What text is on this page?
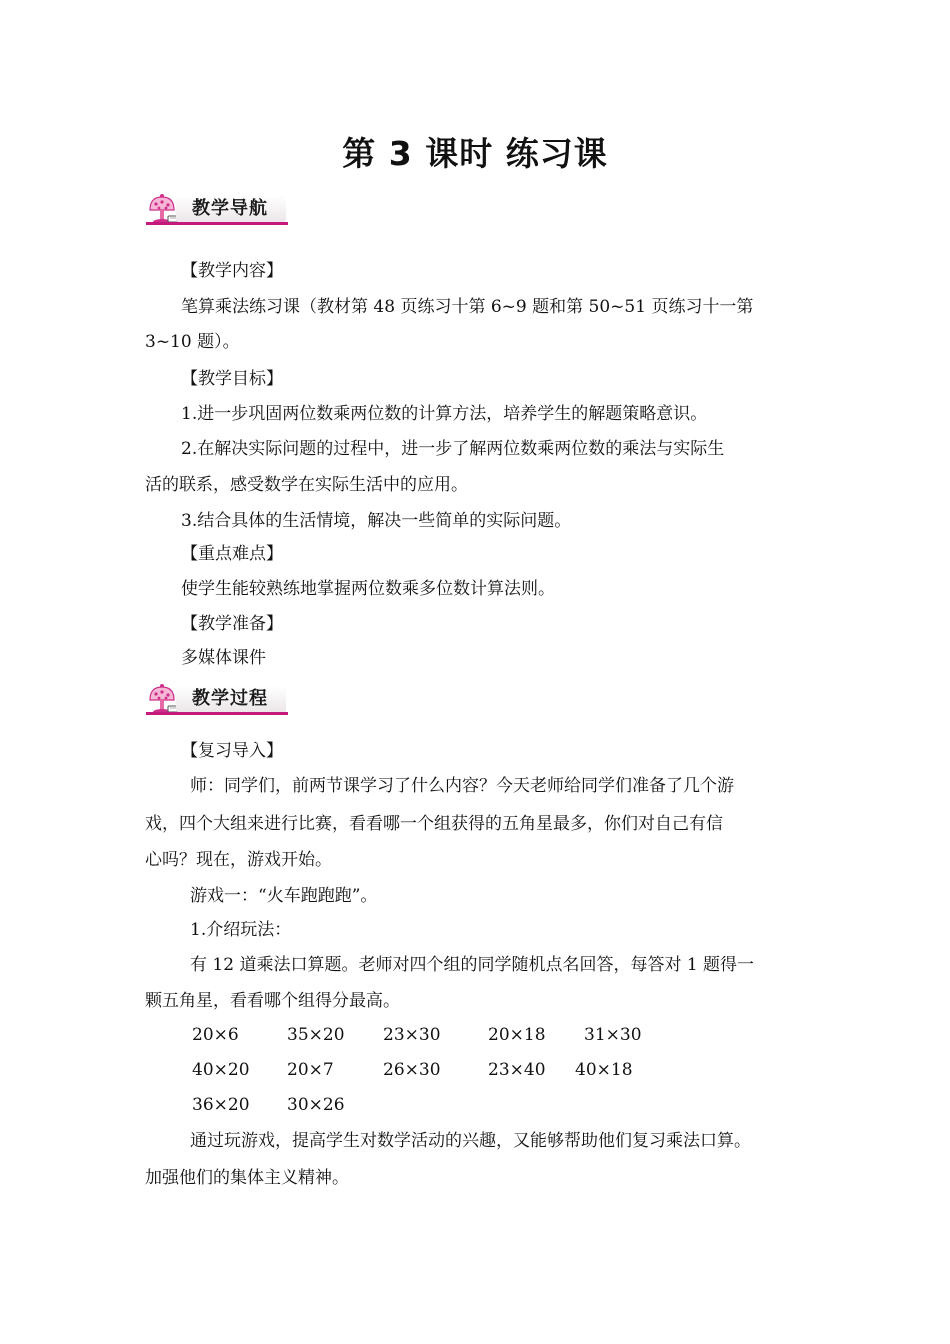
第 3 课时 练习课
教学导航
【教学内容】
笔算乘法练习课（教材第 48 页练习十第 6~9 题和第 50~51 页练习十一第
3~10 题）。
【教学目标】
1.进一步巩固两位数乘两位数的计算方法，培养学生的解题策略意识。
2.在解决实际问题的过程中，进一步了解两位数乘两位数的乘法与实际生
活的联系，感受数学在实际生活中的应用。
3.结合具体的生活情境，解决一些简单的实际问题。
【重点难点】
使学生能较熟练地掌握两位数乘多位数计算法则。
【教学准备】
多媒体课件
教学过程
【复习导入】
师：同学们，前两节课学习了什么内容？今天老师给同学们准备了几个游
戏，四个大组来进行比赛，看看哪一个组获得的五角星最多，你们对自己有信
心吗？现在，游戏开始。
游戏一：“火车跑跑跑”。
1.介绍玩法：
有 12 道乘法口算题。老师对四个组的同学随机点名回答，每答对 1 题得一
颗五角星，看看哪个组得分最高。
20×6	35×20 23×30	20×18 31×30
40×20 20×7	26×30	23×40 40×18
36×20 30×26
通过玩游戏，提高学生对数学活动的兴趣，又能够帮助他们复习乘法口算。
加强他们的集体主义精神。
